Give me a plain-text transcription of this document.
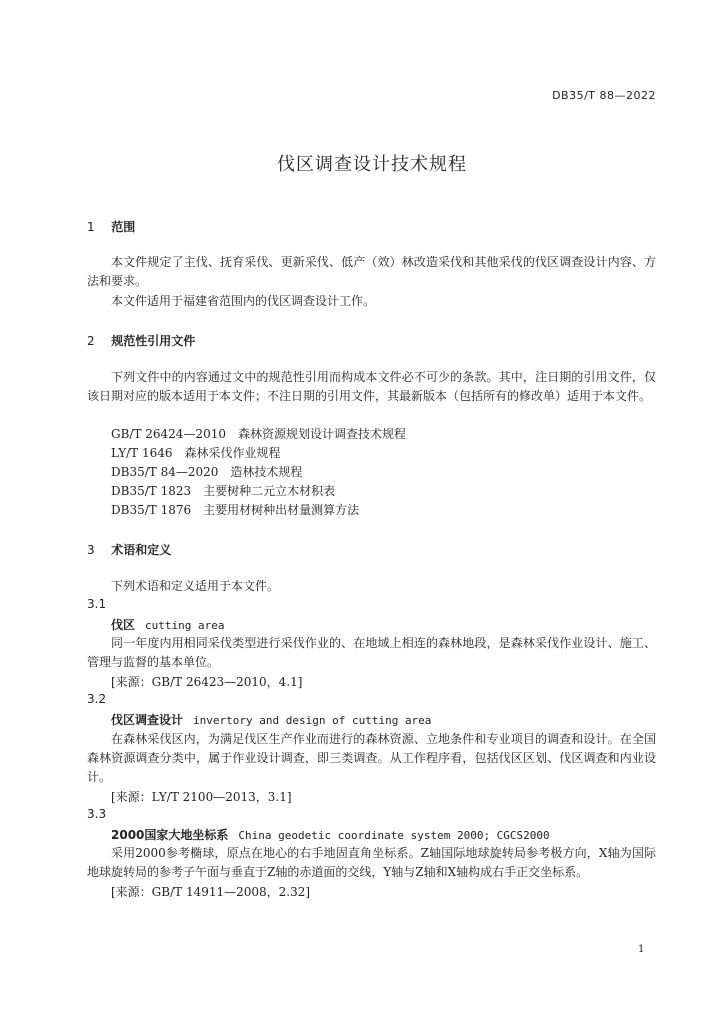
DB35/T 88—2022
伐区调查设计技术规程
1 范围
本文件规定了主伐、抚育采伐、更新采伐、低产（效）林改造采伐和其他采伐的伐区调查设计内容、方法和要求。
本文件适用于福建省范围内的伐区调查设计工作。
2 规范性引用文件
下列文件中的内容通过文中的规范性引用而构成本文件必不可少的条款。其中，注日期的引用文件，仅该日期对应的版本适用于本文件；不注日期的引用文件，其最新版本（包括所有的修改单）适用于本文件。
GB/T 26424—2010　森林资源规划设计调查技术规程
LY/T 1646　森林采伐作业规程
DB35/T 84—2020　造林技术规程
DB35/T 1823　主要树种二元立木材积表
DB35/T 1876　主要用材树种出材量测算方法
3 术语和定义
下列术语和定义适用于本文件。
3.1
伐区 cutting area
同一年度内用相同采伐类型进行采伐作业的、在地域上相连的森林地段，是森林采伐作业设计、施工、管理与监督的基本单位。
[来源：GB/T 26423—2010，4.1]
3.2
伐区调查设计 invertory and design of cutting area
在森林采伐区内，为满足伐区生产作业而进行的森林资源、立地条件和专业项目的调查和设计。在全国森林资源调查分类中，属于作业设计调查，即三类调查。从工作程序看，包括伐区区划、伐区调查和内业设计。
[来源：LY/T 2100—2013，3.1]
3.3
2000国家大地坐标系 China geodetic coordinate system 2000; CGCS2000
采用2000参考椭球，原点在地心的右手地固直角坐标系。Z轴国际地球旋转局参考极方向，X轴为国际地球旋转局的参考子午面与垂直于Z轴的赤道面的交线，Y轴与Z轴和X轴构成右手正交坐标系。
[来源：GB/T 14911—2008，2.32]
1
